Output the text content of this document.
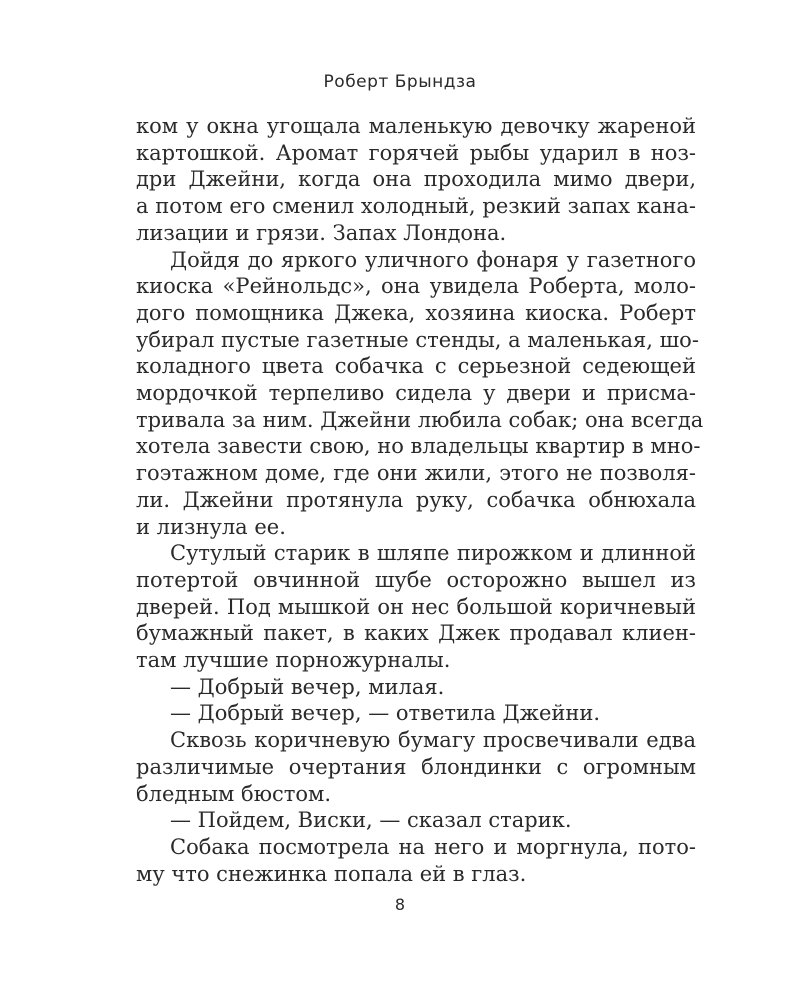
Роберт Брындза

ком у окна угощала маленькую девочку жареной
картошкой. Аромат горячей рыбы ударил в ноз-
дри Джейни, когда она проходила мимо двери,
а потом его сменил холодный, резкий запах кана-
лизации и грязи. Запах Лондона.

Дойдя до яркого уличного фонаря у газетного
киоска «Рейнольдс», она увидела Роберта, моло-
дого помощника Джека, хозяина киоска. Роберт
убирал пустые газетные стенды, а маленькая, шо-
коладного цвета собачка с серьезной седеющей
мордочкой терпеливо сидела у двери и присма-
тривала за ним. Джейни любила собак; она всегда
хотела завести свою, но владельцы квартир в мно-
гоэтажном доме, где они жили, этого не позволя-
ли. Джейни протянула руку, собачка обнюхала
и лизнула ее.

Сутулый старик в шляпе пирожком и длинной
потертой овчинной шубе осторожно вышел из
дверей. Под мышкой он нес большой коричневый
бумажный пакет, в каких Джек продавал клиен-
там лучшие порножурналы.

— Добрый вечер, милая.

— Добрый вечер, — ответила Джейни.

Сквозь коричневую бумагу просвечивали едва
различимые очертания блондинки с огромным
бледным бюстом.

— Пойдем, Виски, — сказал старик.

Собака посмотрела на него и моргнула, пото-
му что снежинка попала ей в глаз.

8
